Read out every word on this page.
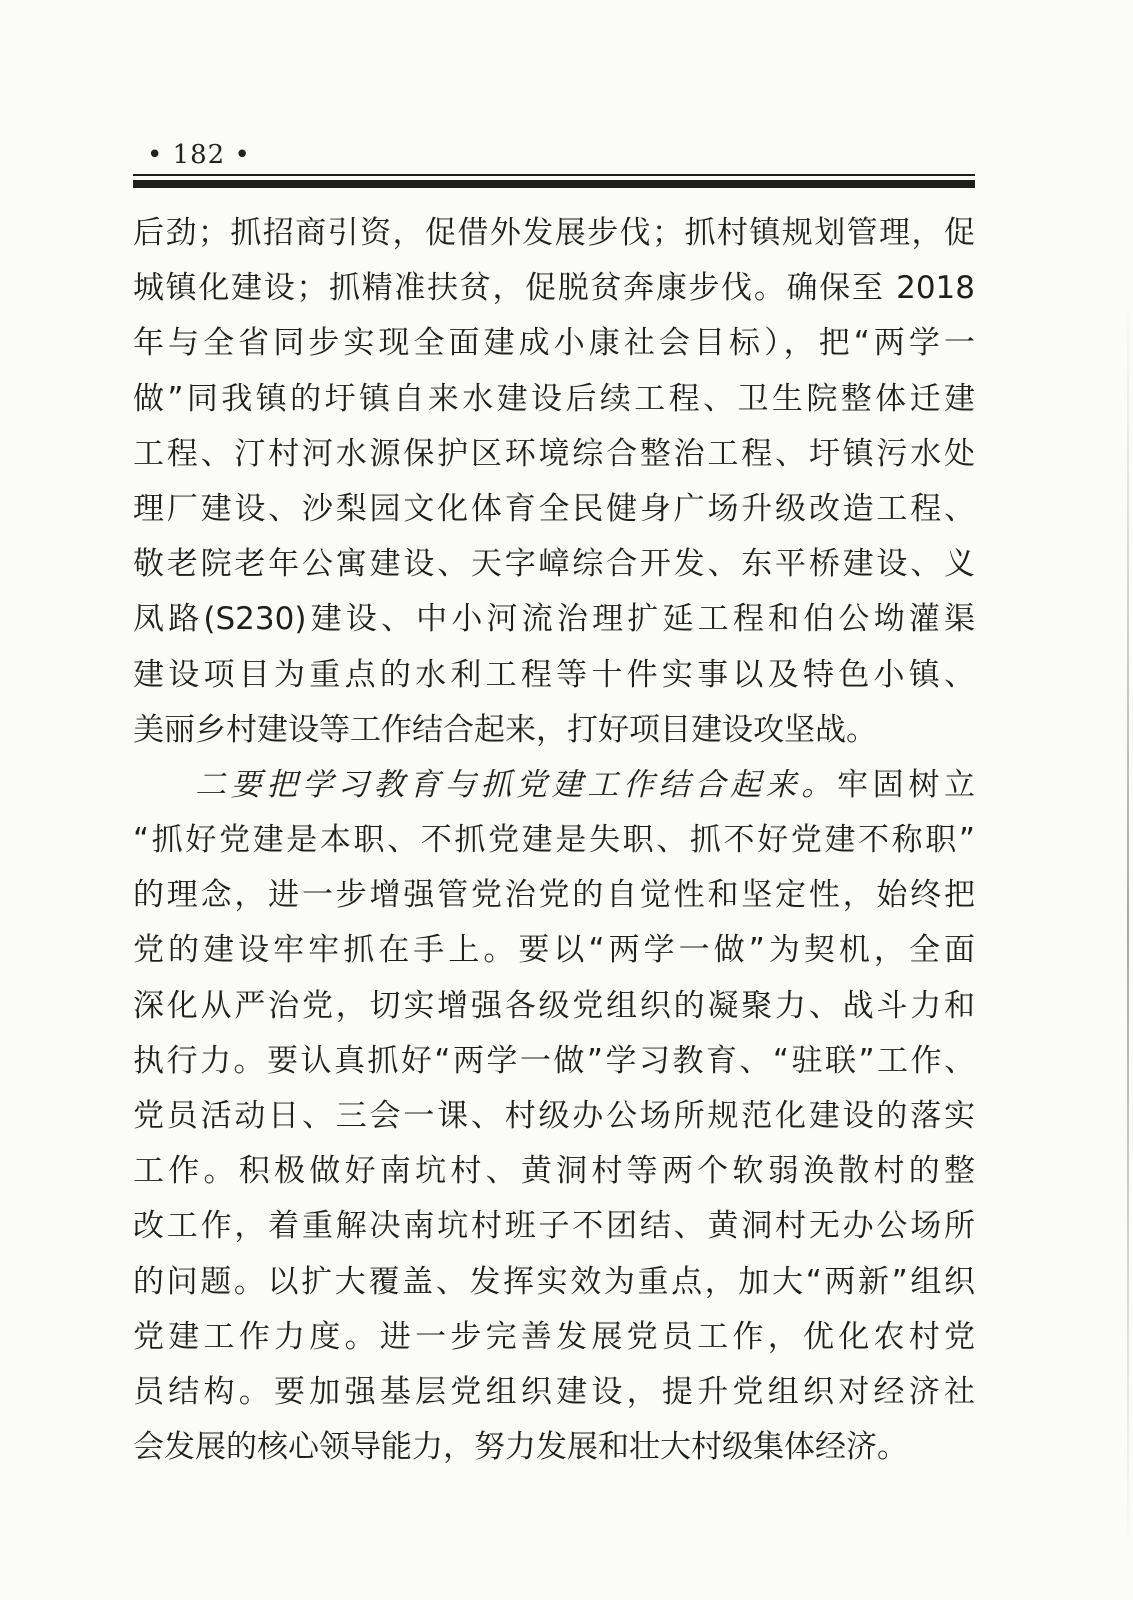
• 182 •
后劲；抓招商引资，促借外发展步伐；抓村镇规划管理，促
城镇化建设；抓精准扶贫，促脱贫奔康步伐。确保至 2018
年与全省同步实现全面建成小康社会目标），把“两学一
做”同我镇的圩镇自来水建设后续工程、卫生院整体迁建
工程、汀村河水源保护区环境综合整治工程、圩镇污水处
理厂建设、沙梨园文化体育全民健身广场升级改造工程、
敬老院老年公寓建设、天字嶂综合开发、东平桥建设、义
凤路(S230)建设、中小河流治理扩延工程和伯公坳灌渠
建设项目为重点的水利工程等十件实事以及特色小镇、
美丽乡村建设等工作结合起来，打好项目建设攻坚战。
二要把学习教育与抓党建工作结合起来。牢固树立
“抓好党建是本职、不抓党建是失职、抓不好党建不称职”
的理念，进一步增强管党治党的自觉性和坚定性，始终把
党的建设牢牢抓在手上。要以“两学一做”为契机，全面
深化从严治党，切实增强各级党组织的凝聚力、战斗力和
执行力。要认真抓好“两学一做”学习教育、“驻联”工作、
党员活动日、三会一课、村级办公场所规范化建设的落实
工作。积极做好南坑村、黄洞村等两个软弱涣散村的整
改工作，着重解决南坑村班子不团结、黄洞村无办公场所
的问题。以扩大覆盖、发挥实效为重点，加大“两新”组织
党建工作力度。进一步完善发展党员工作，优化农村党
员结构。要加强基层党组织建设，提升党组织对经济社
会发展的核心领导能力，努力发展和壮大村级集体经济。
